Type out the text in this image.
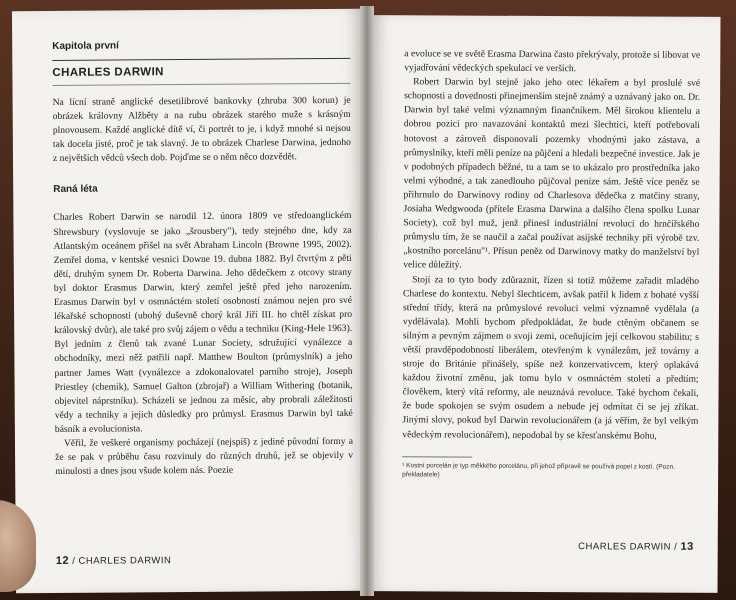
Kapitola první
CHARLES DARWIN

Na lícní straně anglické desetilibrové bankovky (zhruba 300 korun) je obrázek královny Alžběty a na rubu obrázek starého muže s krásným plnovousem. Každé anglické dítě ví, či portrét to je, i když mnohé si nejsou tak docela jisté, proč je tak slavný. Je to obrázek Charlese Darwina, jednoho z největších vědců všech dob. Pojďme se o něm něco dozvědět.

Raná léta

Charles Robert Darwin se narodil 12. února 1809 ve středoanglickém Shrewsbury (vyslovuje se jako „šrousbery"), tedy stejného dne, kdy za Atlantským oceánem přišel na svět Abraham Lincoln (Browne 1995, 2002). Zemřel doma, v kentské vesnici Downe 19. dubna 1882. Byl čtvrtým z pěti dětí, druhým synem Dr. Roberta Darwina. Jeho dědečkem z otcovy strany byl doktor Erasmus Darwin, který zemřel ještě před jeho narozením. Erasmus Darwin byl v osmnáctém století osobností známou nejen pro své lékařské schopnosti (ubohý duševně chorý král Jiří III. ho chtěl získat pro královský dvůr), ale také pro svůj zájem o vědu a techniku (King-Hele 1963). Byl jedním z členů tak zvané Lunar Society, sdružující vynálezce a obchodníky, mezi něž patřili např. Matthew Boulton (průmyslník) a jeho partner James Watt (vynálezce a zdokonalovatel parního stroje), Joseph Priestley (chemik), Samuel Galton (zbrojař) a William Withering (botanik, objevitel náprstníku). Scházeli se jednou za měsíc, aby probrali záležitosti vědy a techniky a jejich důsledky pro průmysl. Erasmus Darwin byl také básník a evolucionista.

Věřil, že veškeré organismy pocházejí (nejspíš) z jediné původní formy a že se pak v průběhu času rozvinuly do různých druhů, jež se objevily v minulosti a dnes jsou všude kolem nás. Poezie

12 / CHARLES DARWIN

a evoluce se ve světě Erasma Darwina často překrývaly, protože si libovat ve vyjadřování vědeckých spekulací ve verších.

Robert Darwin byl stejně jako jeho otec lékařem a byl proslulé své schopnosti a dovednosti přinejmenším stejně známý a uznávaný jako on. Dr. Darwin byl také velmi významným finančníkem. Měl širokou klientelu a dobrou pozici pro navazování kontaktů mezi šlechtici, kteří potřebovali hotovost a zároveň disponovali pozemky vhodnými jako zástava, a průmyslníky, kteří měli peníze na půjčení a hledali bezpečné investice. Jak je v podobných případech běžné, tu a tam se to ukázalo pro prostředníka jako velmi výhodné, a tak zanedlouho půjčoval peníze sám. Ještě více peněz se přihrnulo do Darwinovy rodiny od Charlesova dědečka z matčiny strany, Josiaha Wedgwooda (přítele Erasma Darwina a dalšího člena spolku Lunar Society), což byl muž, jenž přinesl industriální revoluci do hrnčířského průmyslu tím, že se naučil a začal používat asijské techniky při výrobě tzv. „kostního porcelánu"¹. Přísun peněz od Darwinovy matky do manželství byl velice důležitý.

Stojí za to tyto body zdůraznit, řízen si totiž můžeme zařadit mladého Charlese do kontextu. Nebyl šlechticem, avšak patřil k lidem z bohaté vyšší střední třídy, která na průmyslové revoluci velmi významně vydělala (a vydělávala). Mohli bychom předpokládat, že bude ctěným občanem se silným a pevným zájmem o svoji zemi, oceňujícím její celkovou stabilitu; s větší pravděpodobností liberálem, otevřeným k vynálezům, jež továrny a stroje do Británie přinášely, spíše než konzervativcem, který oplakává každou životní změnu, jak tomu bylo v osmnáctém století a předtím; člověkem, který vítá reformy, ale neuznává revoluce. Také bychom čekali, že bude spokojen se svým osudem a nebude jej odmítat či se jej zříkat. Jinými slovy, pokud byl Darwin revolucionářem (a já věřím, že byl velkým vědeckým revolucionářem), nepodobal by se křesťanskému Bohu,

¹ Kostní porcelán je typ měkkého porcelánu, při jehož přípravě se používá popel z kostí. (Pozn. překladatele)
CHARLES DARWIN / 13
